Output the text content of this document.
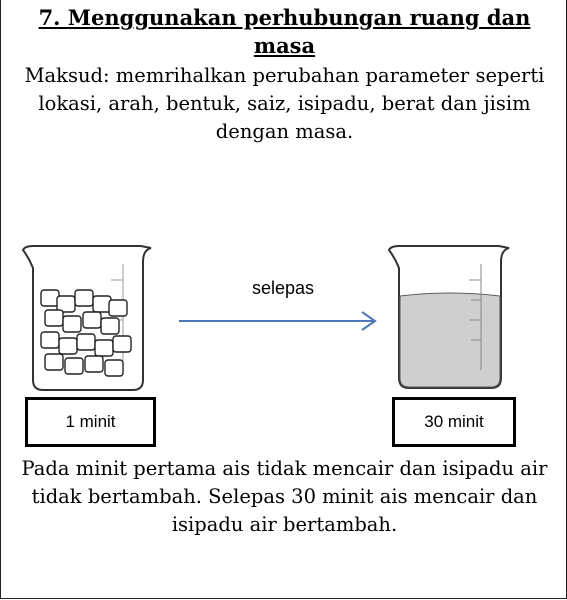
7. Menggunakan perhubungan ruang dan masa
Maksud: memrihalkan perubahan parameter seperti lokasi, arah, bentuk, saiz, isipadu, berat dan jisim dengan masa.
selepas
1 minit	30 minit
Pada minit pertama ais tidak mencair dan isipadu air tidak bertambah. Selepas 30 minit ais mencair dan isipadu air bertambah.
